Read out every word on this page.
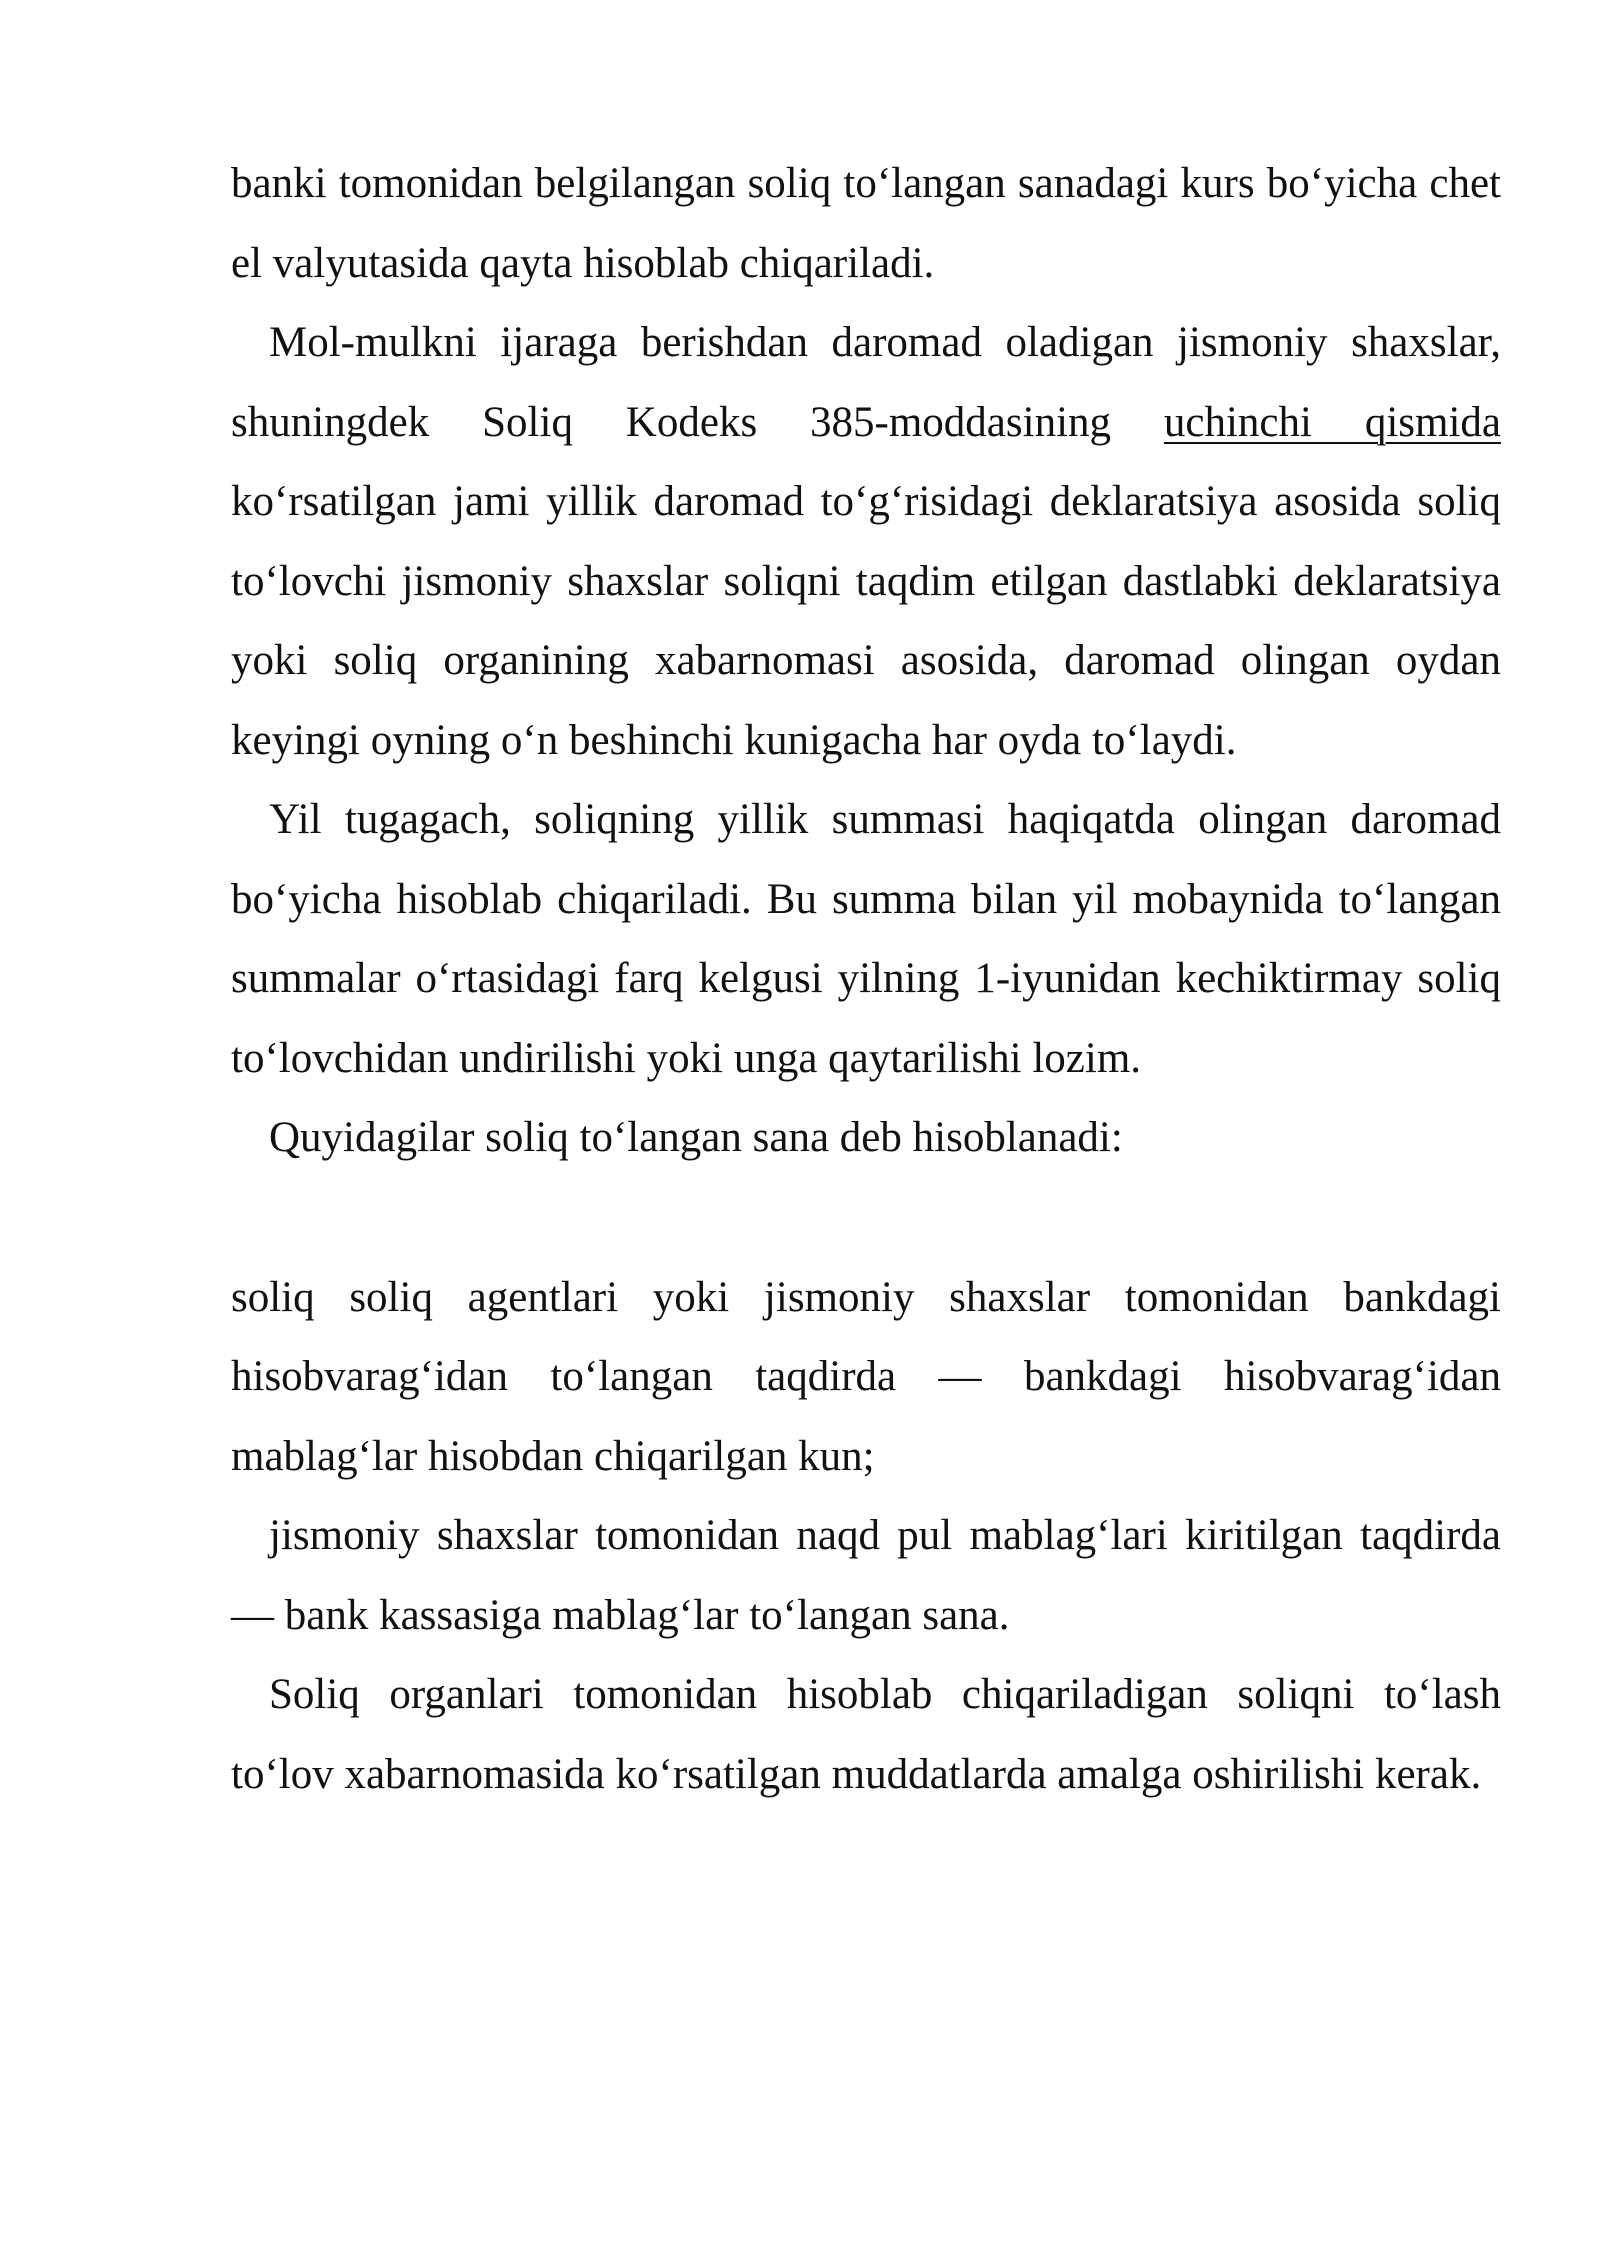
banki tomonidan belgilangan soliq to‘langan sanadagi kurs bo‘yicha chet el valyutasida qayta hisoblab chiqariladi.

Mol-mulkni ijaraga berishdan daromad oladigan jismoniy shaxslar, shuningdek Soliq Kodeks 385-moddasining uchinchi qismida ko‘rsatilgan jami yillik daromad to‘g‘risidagi deklaratsiya asosida soliq to‘lovchi jismoniy shaxslar soliqni taqdim etilgan dastlabki deklaratsiya yoki soliq organining xabarnomasi asosida, daromad olingan oydan keyingi oyning o‘n beshinchi kunigacha har oyda to‘laydi.

Yil tugagach, soliqning yillik summasi haqiqatda olingan daromad bo‘yicha hisoblab chiqariladi. Bu summa bilan yil mobaynida to‘langan summalar o‘rtasidagi farq kelgusi yilning 1-iyunidan kechiktirmay soliq to‘lovchidan undirilishi yoki unga qaytarilishi lozim.

Quyidagilar soliq to‘langan sana deb hisoblanadi:

soliq soliq agentlari yoki jismoniy shaxslar tomonidan bankdagi hisobvarag‘idan to‘langan taqdirda — bankdagi hisobvarag‘idan mablag‘lar hisobdan chiqarilgan kun;

jismoniy shaxslar tomonidan naqd pul mablag‘lari kiritilgan taqdirda — bank kassasiga mablag‘lar to‘langan sana.

Soliq organlari tomonidan hisoblab chiqariladigan soliqni to‘lash to‘lov xabarnomasida ko‘rsatilgan muddatlarda amalga oshirilishi kerak.
